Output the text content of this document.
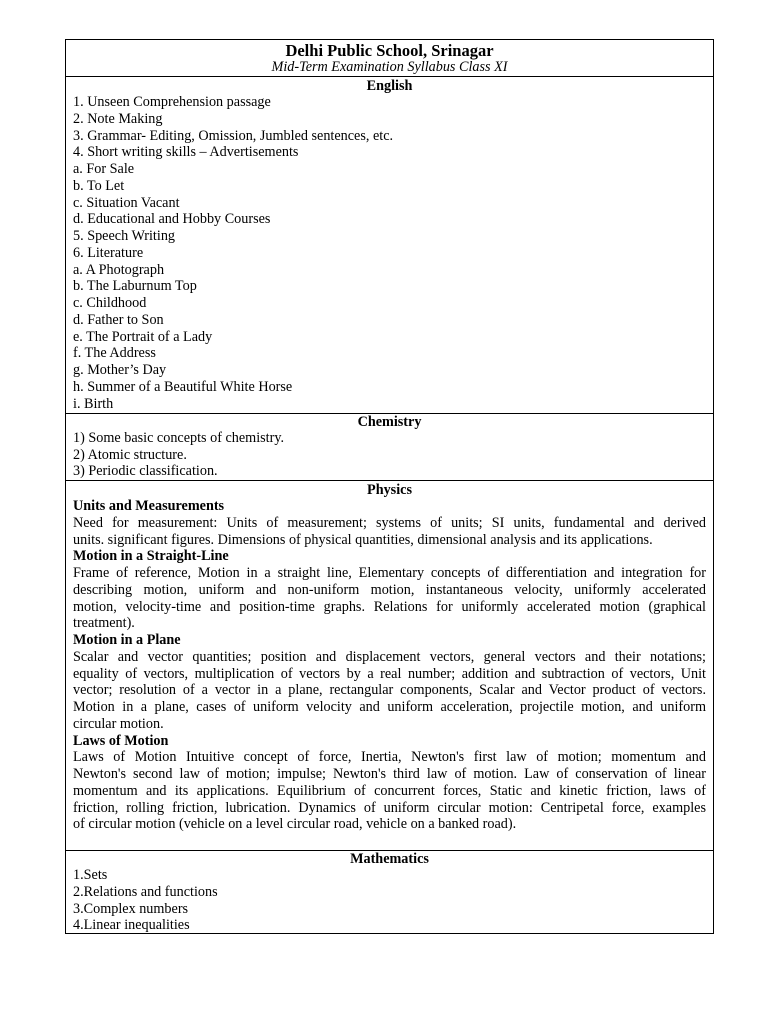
Delhi Public School, Srinagar
Mid-Term Examination Syllabus Class XI
English
1. Unseen Comprehension passage
2. Note Making
3. Grammar- Editing, Omission, Jumbled sentences, etc.
4. Short writing skills – Advertisements
a. For Sale
b. To Let
c. Situation Vacant
d. Educational and Hobby Courses
5. Speech Writing
6. Literature
a. A Photograph
b. The Laburnum Top
c. Childhood
d. Father to Son
e. The Portrait of a Lady
f. The Address
g. Mother’s Day
h. Summer of a Beautiful White Horse
i. Birth
Chemistry
1) Some basic concepts of chemistry.
2) Atomic structure.
3) Periodic classification.
Physics
Units and Measurements
Need for measurement: Units of measurement; systems of units; SI units, fundamental and derived
units. significant figures. Dimensions of physical quantities, dimensional analysis and its applications.
Motion in a Straight-Line
Frame of reference, Motion in a straight line, Elementary concepts of differentiation and integration for
describing motion, uniform and non-uniform motion, instantaneous velocity, uniformly accelerated
motion, velocity-time and position-time graphs. Relations for uniformly accelerated motion (graphical
treatment).
Motion in a Plane
Scalar and vector quantities; position and displacement vectors, general vectors and their notations;
equality of vectors, multiplication of vectors by a real number; addition and subtraction of vectors, Unit
vector; resolution of a vector in a plane, rectangular components, Scalar and Vector product of vectors.
Motion in a plane, cases of uniform velocity and uniform acceleration, projectile motion, and uniform
circular motion.
Laws of Motion
Laws of Motion Intuitive concept of force, Inertia, Newton's first law of motion; momentum and
Newton's second law of motion; impulse; Newton's third law of motion. Law of conservation of linear
momentum and its applications. Equilibrium of concurrent forces, Static and kinetic friction, laws of
friction, rolling friction, lubrication. Dynamics of uniform circular motion: Centripetal force, examples
of circular motion (vehicle on a level circular road, vehicle on a banked road).
Mathematics
1.Sets
2.Relations and functions
3.Complex numbers
4.Linear inequalities
